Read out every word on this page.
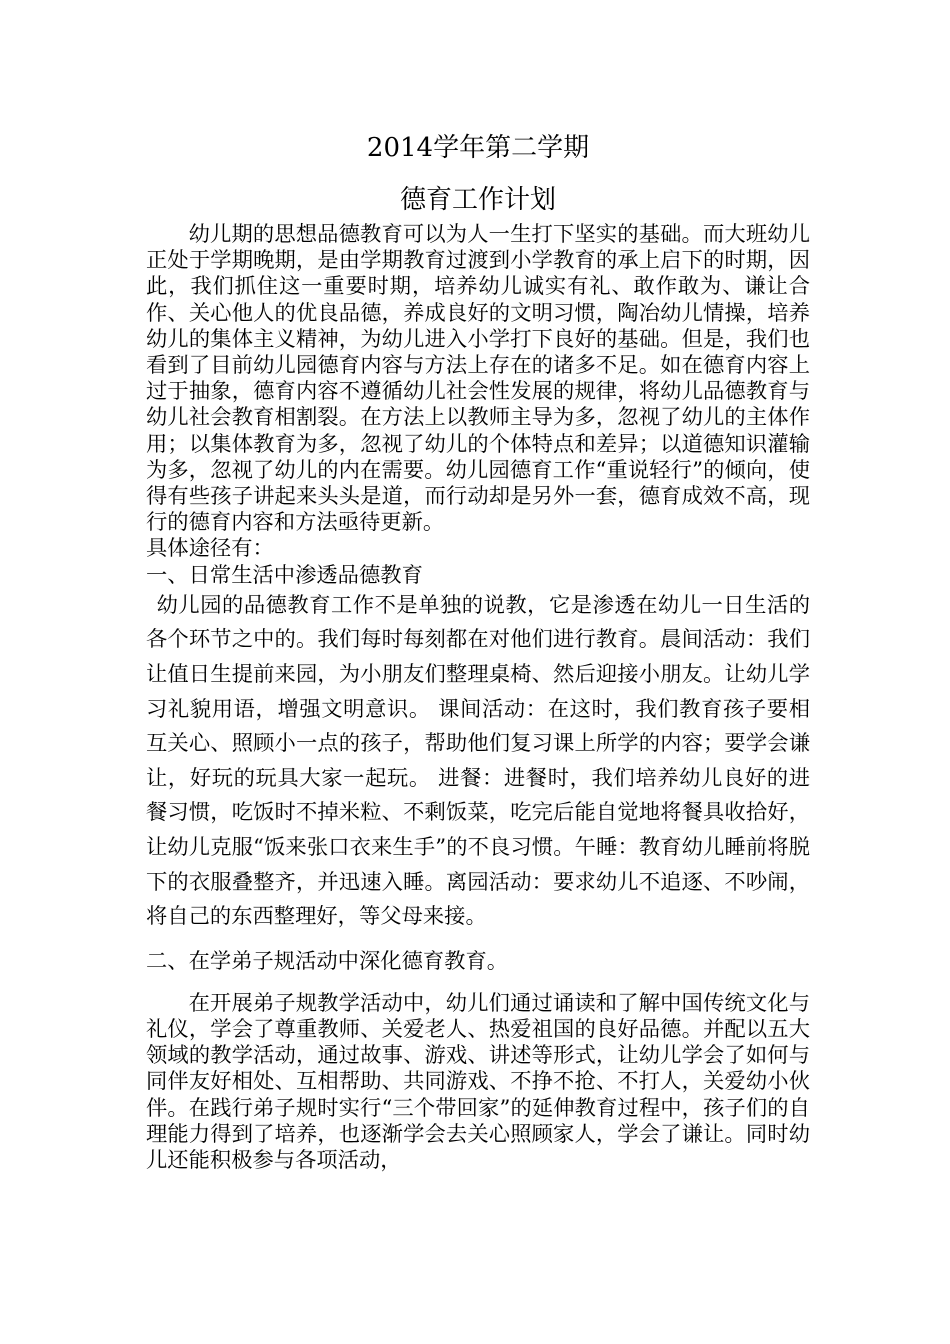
2014学年第二学期
德育工作计划

幼儿期的思想品德教育可以为人一生打下坚实的基础。而大班幼儿正处于学期晚期，是由学期教育过渡到小学教育的承上启下的时期，因此，我们抓住这一重要时期，培养幼儿诚实有礼、敢作敢为、谦让合作、关心他人的优良品德，养成良好的文明习惯，陶冶幼儿情操，培养幼儿的集体主义精神，为幼儿进入小学打下良好的基础。但是，我们也看到了目前幼儿园德育内容与方法上存在的诸多不足。如在德育内容上过于抽象，德育内容不遵循幼儿社会性发展的规律，将幼儿品德教育与幼儿社会教育相割裂。在方法上以教师主导为多，忽视了幼儿的主体作用；以集体教育为多，忽视了幼儿的个体特点和差异；以道德知识灌输为多，忽视了幼儿的内在需要。幼儿园德育工作“重说轻行”的倾向，使得有些孩子讲起来头头是道，而行动却是另外一套，德育成效不高，现行的德育内容和方法亟待更新。

具体途径有：

一、日常生活中渗透品德教育

幼儿园的品德教育工作不是单独的说教，它是渗透在幼儿一日生活的各个环节之中的。我们每时每刻都在对他们进行教育。晨间活动：我们让值日生提前来园，为小朋友们整理桌椅、然后迎接小朋友。让幼儿学习礼貌用语，增强文明意识。 课间活动：在这时，我们教育孩子要相互关心、照顾小一点的孩子，帮助他们复习课上所学的内容；要学会谦让，好玩的玩具大家一起玩。 进餐：进餐时，我们培养幼儿良好的进餐习惯，吃饭时不掉米粒、不剩饭菜，吃完后能自觉地将餐具收拾好，让幼儿克服“饭来张口衣来生手”的不良习惯。午睡：教育幼儿睡前将脱下的衣服叠整齐，并迅速入睡。离园活动：要求幼儿不追逐、不吵闹，将自己的东西整理好，等父母来接。

二、在学弟子规活动中深化德育教育。

在开展弟子规教学活动中，幼儿们通过诵读和了解中国传统文化与礼仪，学会了尊重教师、关爱老人、热爱祖国的良好品德。并配以五大领域的教学活动，通过故事、游戏、讲述等形式，让幼儿学会了如何与同伴友好相处、互相帮助、共同游戏、不挣不抢、不打人，关爱幼小伙伴。在践行弟子规时实行“三个带回家”的延伸教育过程中，孩子们的自理能力得到了培养，也逐渐学会去关心照顾家人，学会了谦让。同时幼儿还能积极参与各项活动，
